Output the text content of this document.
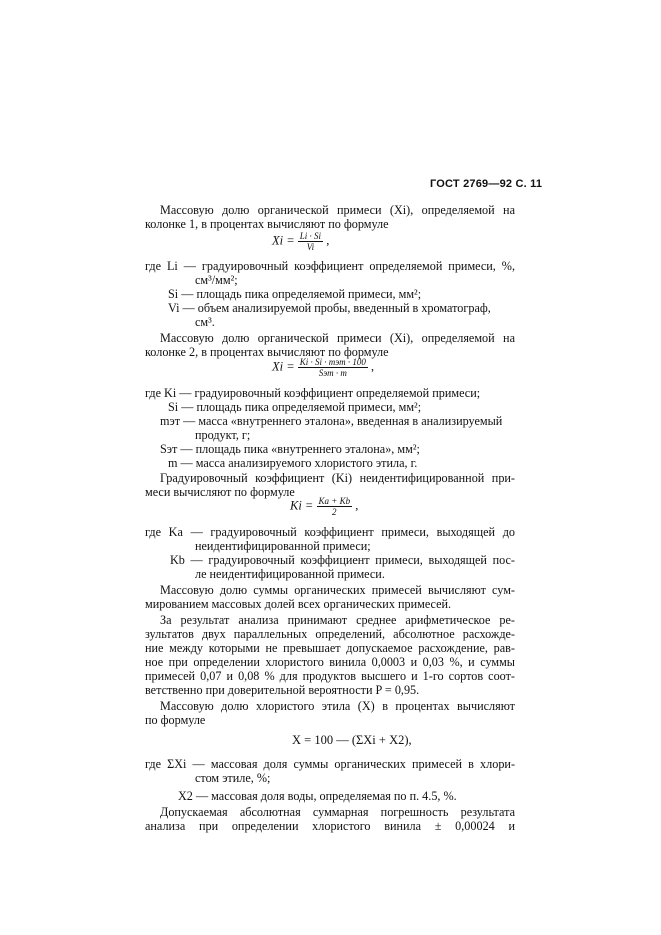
ГОСТ 2769—92 С. 11
Массовую долю органической примеси (Xi), определяемой на
колонке 1, в процентах вычисляют по формуле
$Xi = \frac{Li \cdot Si}{Vi}$ ,
где Li — градуировочный коэффициент определяемой примеси, %,
см³/мм²;
Si — площадь пика определяемой примеси, мм²;
Vi — объем анализируемой пробы, введенный в хроматограф,
см³.
Массовую долю органической примеси (Xi), определяемой на
колонке 2, в процентах вычисляют по формуле
$Xi = \frac{\text{Ki · Si · mэт · 100}}{\text{Sэт · m}}$ ,
где Ki — градуировочный коэффициент определяемой примеси;
Si — площадь пика определяемой примеси, мм²;
mэт — масса «внутреннего эталона», введенная в анализируемый
продукт, г;
Sэт — площадь пика «внутреннего эталона», мм²;
m — масса анализируемого хлористого этила, г.
Градуировочный коэффициент (Ki) неидентифицированной при-
меси вычисляют по формуле
$Ki = \frac{Ka + Kb}{2}$ ,
где Ka — градуировочный коэффициент примеси, выходящей до
неидентифицированной примеси;
Kb — градуировочный коэффициент примеси, выходящей пос-
ле неидентифицированной примеси.
Массовую долю суммы органических примесей вычисляют сум-
мированием массовых долей всех органических примесей.
За результат анализа принимают среднее арифметическое ре-
зультатов двух параллельных определений, абсолютное расхожде-
ние между которыми не превышает допускаемое расхождение, рав-
ное при определении хлористого винила 0,0003 и 0,03 %, и суммы
примесей 0,07 и 0,08 % для продуктов высшего и 1-го сортов соот-
ветственно при доверительной вероятности P = 0,95.
Массовую долю хлористого этила (X) в процентах вычисляют
по формуле
X = 100 — (ΣXi + X2),
где ΣXi — массовая доля суммы органических примесей в хлори-
стом этиле, %;
X2 — массовая доля воды, определяемая по п. 4.5, %.
Допускаемая абсолютная суммарная погрешность результата
анализа при определении хлористого винила ± 0,00024 и
